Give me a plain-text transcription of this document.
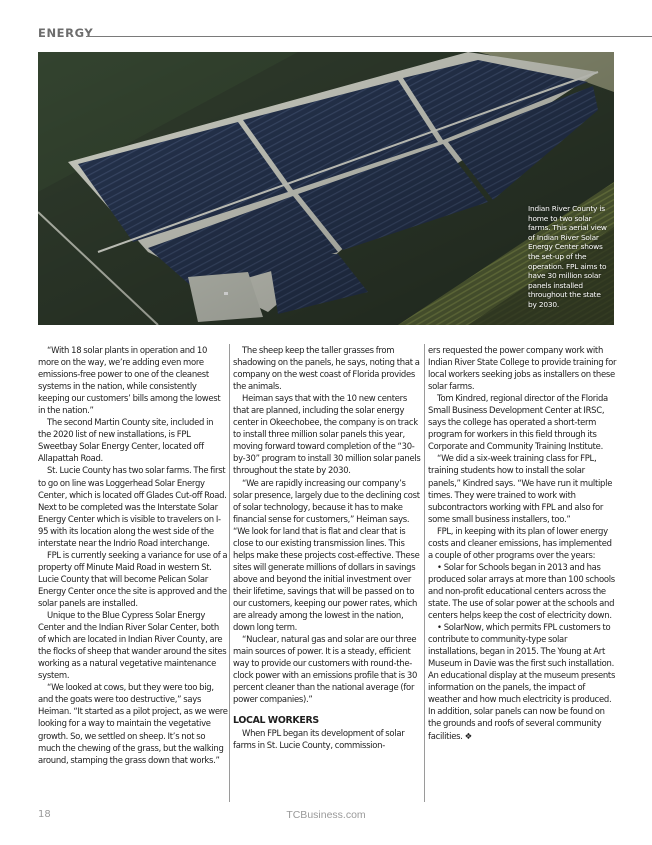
ENERGY
Indian River County is home to two solar farms. This aerial view of Indian River Solar Energy Center shows the set-up of the operation. FPL aims to have 30 million solar panels installed throughout the state by 2030.

“With 18 solar plants in operation and 10 more on the way, we’re adding even more emissions-free power to one of the cleanest systems in the nation, while consistently keeping our customers’ bills among the lowest in the nation.”

The second Martin County site, included in the 2020 list of new installations, is FPL Sweetbay Solar Energy Center, located off Allapattah Road.

St. Lucie County has two solar farms. The first to go on line was Loggerhead Solar Energy Center, which is located off Glades Cut-off Road. Next to be completed was the Interstate Solar Energy Center which is visible to travelers on I-95 with its location along the west side of the interstate near the Indrio Road interchange.

FPL is currently seeking a variance for use of a property off Minute Maid Road in western St. Lucie County that will become Pelican Solar Energy Center once the site is approved and the solar panels are installed.

Unique to the Blue Cypress Solar Energy Center and the Indian River Solar Center, both of which are located in Indian River County, are the flocks of sheep that wander around the sites working as a natural vegetative maintenance system.

“We looked at cows, but they were too big, and the goats were too destructive,” says Heiman. “It started as a pilot project, as we were looking for a way to maintain the vegetative growth. So, we settled on sheep. It’s not so much the chewing of the grass, but the walking around, stamping the grass down that works.”

The sheep keep the taller grasses from shadowing on the panels, he says, noting that a company on the west coast of Florida provides the animals.

Heiman says that with the 10 new centers that are planned, including the solar energy center in Okeechobee, the company is on track to install three million solar panels this year, moving forward toward completion of the “30-by-30” program to install 30 million solar panels throughout the state by 2030.

“We are rapidly increasing our company’s solar presence, largely due to the declining cost of solar technology, because it has to make financial sense for customers,” Heiman says. “We look for land that is flat and clear that is close to our existing transmission lines. This helps make these projects cost-effective. These sites will generate millions of dollars in savings above and beyond the initial investment over their lifetime, savings that will be passed on to our customers, keeping our power rates, which are already among the lowest in the nation, down long term.

“Nuclear, natural gas and solar are our three main sources of power. It is a steady, efficient way to provide our customers with round-the-clock power with an emissions profile that is 30 percent cleaner than the national average (for power companies).”

LOCAL WORKERS

When FPL began its development of solar farms in St. Lucie County, commission-

ers requested the power company work with Indian River State College to provide training for local workers seeking jobs as installers on these solar farms.

Tom Kindred, regional director of the Florida Small Business Development Center at IRSC, says the college has operated a short-term program for workers in this field through its Corporate and Community Training Institute.

“We did a six-week training class for FPL, training students how to install the solar panels,” Kindred says. “We have run it multiple times. They were trained to work with subcontractors working with FPL and also for some small business installers, too.”

FPL, in keeping with its plan of lower energy costs and cleaner emissions, has implemented a couple of other programs over the years:

• Solar for Schools began in 2013 and has produced solar arrays at more than 100 schools and non-profit educational centers across the state. The use of solar power at the schools and centers helps keep the cost of electricity down.

• SolarNow, which permits FPL customers to contribute to community-type solar installations, began in 2015. The Young at Art Museum in Davie was the first such installation. An educational display at the museum presents information on the panels, the impact of weather and how much electricity is produced. In addition, solar panels can now be found on the grounds and roofs of several community facilities. ❖

18	TCBusiness.com
